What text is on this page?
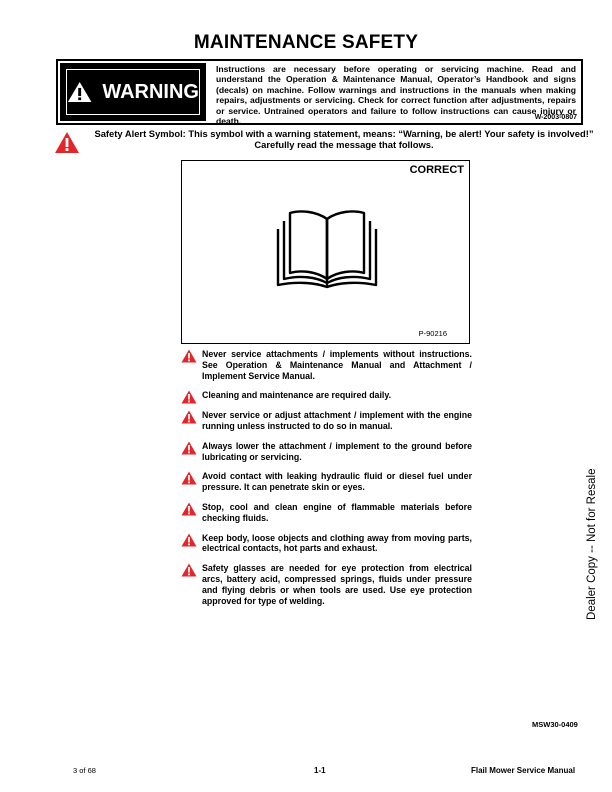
MAINTENANCE SAFETY
WARNING
Instructions are necessary before operating or servicing machine. Read and understand the Operation & Maintenance Manual, Operator’s Handbook and signs (decals) on machine. Follow warnings and instructions in the manuals when making repairs, adjustments or servicing. Check for correct function after adjustments, repairs or service. Untrained operators and failure to follow instructions can cause injury or death.	W-2003-0807
Safety Alert Symbol: This symbol with a warning statement, means: “Warning, be alert! Your safety is involved!” Carefully read the message that follows.
CORRECT
P-90216
Never service attachments / implements without instructions. See Operation & Maintenance Manual and Attachment / Implement Service Manual.
Cleaning and maintenance are required daily.
Never service or adjust attachment / implement with the engine running unless instructed to do so in manual.
Always lower the attachment / implement to the ground before lubricating or servicing.
Avoid contact with leaking hydraulic fluid or diesel fuel under pressure. It can penetrate skin or eyes.
Stop, cool and clean engine of flammable materials before checking fluids.
Keep body, loose objects and clothing away from moving parts, electrical contacts, hot parts and exhaust.
Safety glasses are needed for eye protection from electrical arcs, battery acid, compressed springs, fluids under pressure and flying debris or when tools are used. Use eye protection approved for type of welding.	Dealer Copy -- Not for Resale
MSW30-0409
3 of 68	1-1	Flail Mower Service Manual
